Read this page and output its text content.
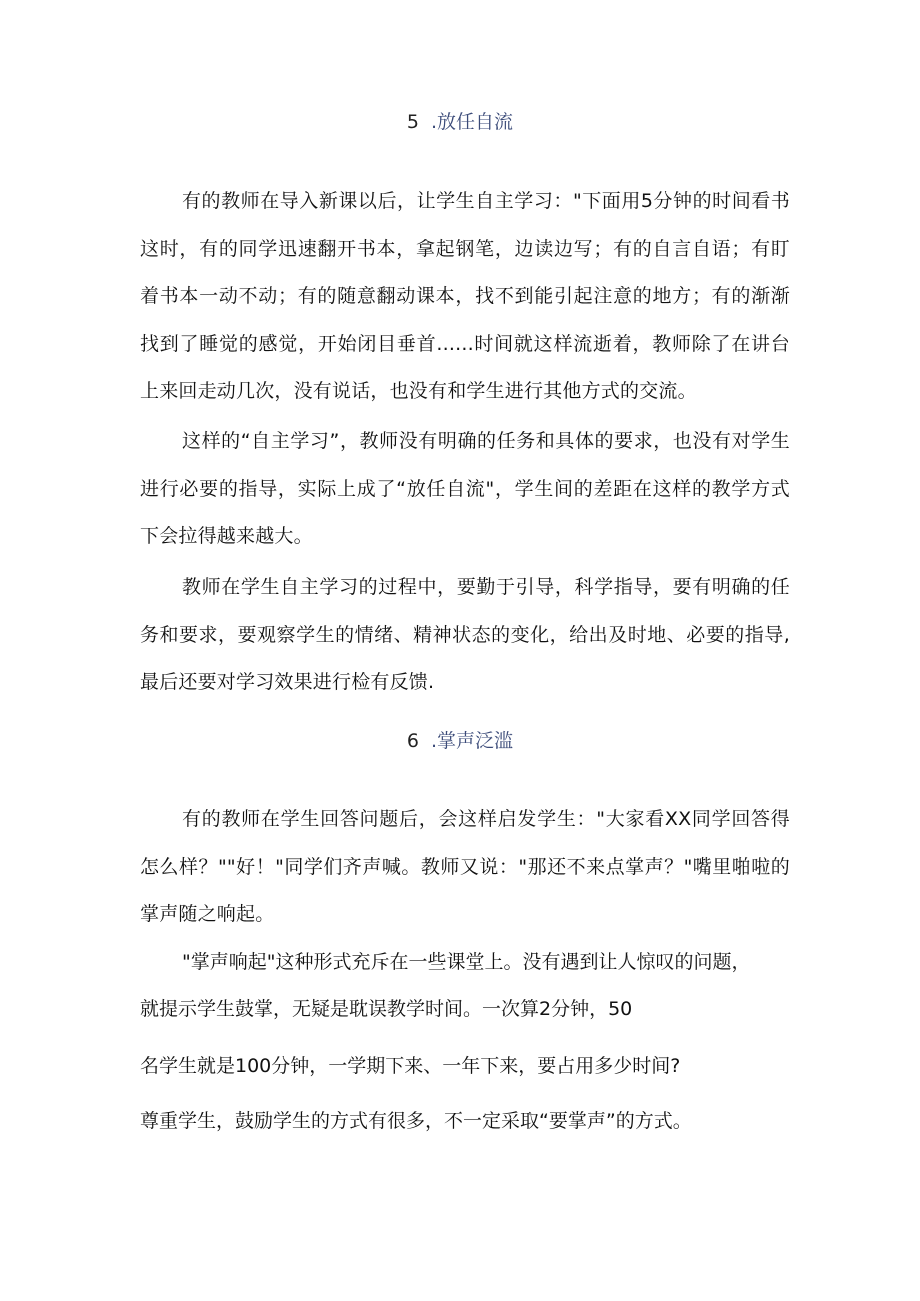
5 .放任自流
有的教师在导入新课以后，让学生自主学习："下面用5分钟的时间看书这时，有的同学迅速翻开书本，拿起钢笔，边读边写；有的自言自语；有盯着书本一动不动；有的随意翻动课本，找不到能引起注意的地方；有的渐渐找到了睡觉的感觉，开始闭目垂首......时间就这样流逝着，教师除了在讲台上来回走动几次，没有说话，也没有和学生进行其他方式的交流。
这样的“自主学习”，教师没有明确的任务和具体的要求，也没有对学生进行必要的指导，实际上成了“放任自流"，学生间的差距在这样的教学方式下会拉得越来越大。
教师在学生自主学习的过程中，要勤于引导，科学指导，要有明确的任务和要求，要观察学生的情绪、精神状态的变化，给出及时地、必要的指导,最后还要对学习效果进行检有反馈.
6 .掌声泛滥
有的教师在学生回答问题后，会这样启发学生："大家看XX同学回答得怎么样？""好！"同学们齐声喊。教师又说："那还不来点掌声？"嘴里啪啦的掌声随之响起。
"掌声响起"这种形式充斥在一些课堂上。没有遇到让人惊叹的问题，
就提示学生鼓掌，无疑是耽误教学时间。一次算2分钟，50
名学生就是100分钟，一学期下来、一年下来，要占用多少时间?
尊重学生，鼓励学生的方式有很多，不一定采取“要掌声”的方式。
